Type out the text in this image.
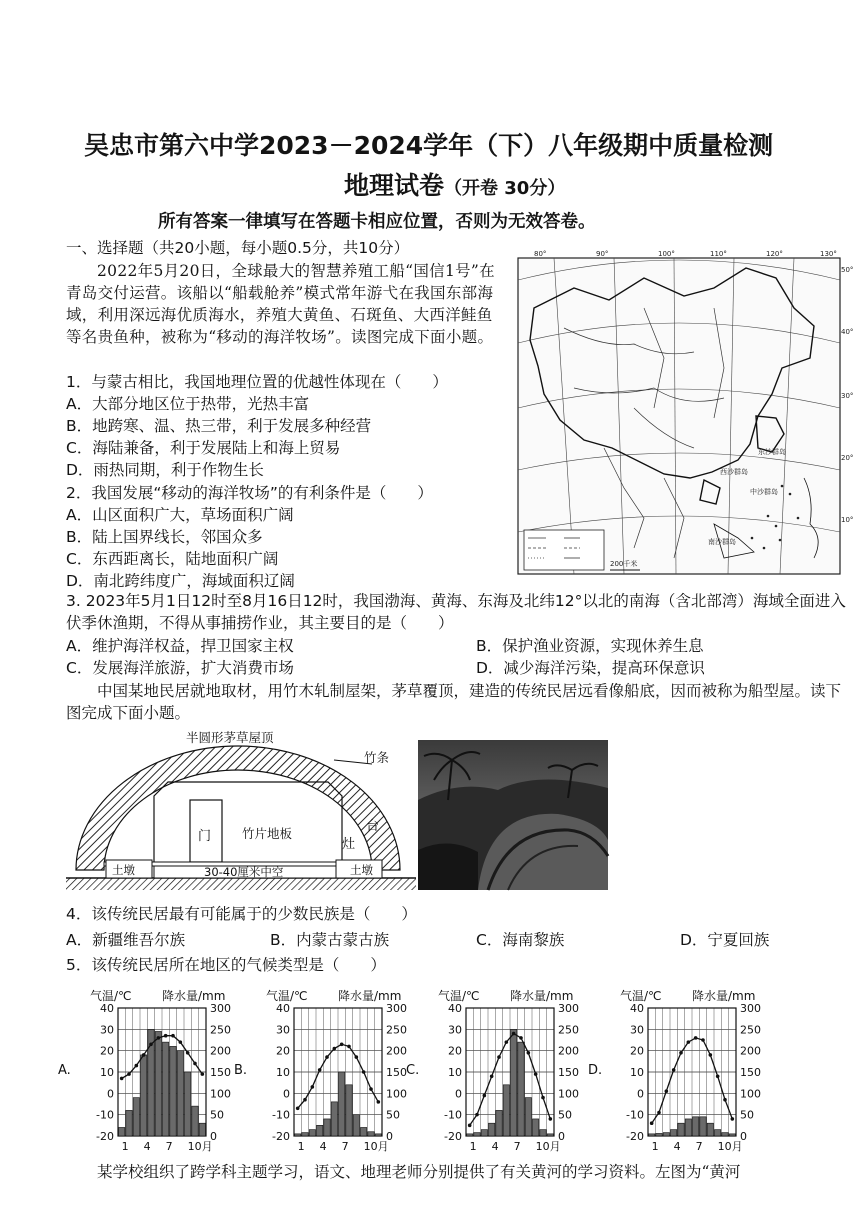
吴忠市第六中学2023－2024学年（下）八年级期中质量检测
地理试卷（开卷 30分）
所有答案一律填写在答题卡相应位置，否则为无效答卷。
一、选择题（共20小题，每小题0.5分，共10分）
2022年5月20日，全球最大的智慧养殖工船“国信1号”在青岛交付运营。该船以“船载舱养”模式常年游弋在我国东部海域，利用深远海优质海水，养殖大黄鱼、石斑鱼、大西洋鲑鱼等名贵鱼种，被称为“移动的海洋牧场”。读图完成下面小题。
1．与蒙古相比，我国地理位置的优越性体现在（　　）
A．大部分地区位于热带，光热丰富
B．地跨寒、温、热三带，利于发展多种经营
C．海陆兼备，利于发展陆上和海上贸易
D．雨热同期，利于作物生长
2．我国发展“移动的海洋牧场”的有利条件是（　　）
A．山区面积广大，草场面积广阔
B．陆上国界线长，邻国众多
C．东西距离长，陆地面积广阔
D．南北跨纬度广，海域面积辽阔
3. 2023年5月1日12时至8月16日12时，我国渤海、黄海、东海及北纬12°以北的南海（含北部湾）海域全面进入伏季休渔期，不得从事捕捞作业，其主要目的是（　　）
A．维护海洋权益，捍卫国家主权	B．保护渔业资源，实现休养生息
C．发展海洋旅游，扩大消费市场	D．减少海洋污染，提高环保意识
中国某地民居就地取材，用竹木轧制屋架，茅草覆顶，建造的传统民居远看像船底，因而被称为船型屋。读下图完成下面小题。
80°	90°	100°	110°	120°	130°
50°
40°
30°
20°
10°
东沙群岛
西沙群岛
中沙群岛
南沙群岛
200千米
半圆形茅草屋顶
竹条
门 竹片地板
灶
台
土墩	土墩
30-40厘米中空
4．该传统民居最有可能属于的少数民族是（　　）
A．新疆维吾尔族	B．内蒙古蒙古族	C．海南黎族	D．宁夏回族
5．该传统民居所在地区的气候类型是（　　）
A.
气温/℃	降水量/mm
40
30
20
10
0
-10
-20
300
250
200
150
100
50
0
1 4 7 10月
B.
气温/℃	降水量/mm
40
30
20
10
0
-10
-20
300
250
200
150
100
50
0
1 4 7 10月
C.
气温/℃	降水量/mm
40
30
20
10
0
-10
-20
300
250
200
150
100
50
0
1 4 7 10月
D.
气温/℃	降水量/mm
40
30
20
10
0
-10
-20
300
250
200
150
100
50
0
1 4 7 10月
某学校组织了跨学科主题学习，语文、地理老师分别提供了有关黄河的学习资料。左图为“黄河
